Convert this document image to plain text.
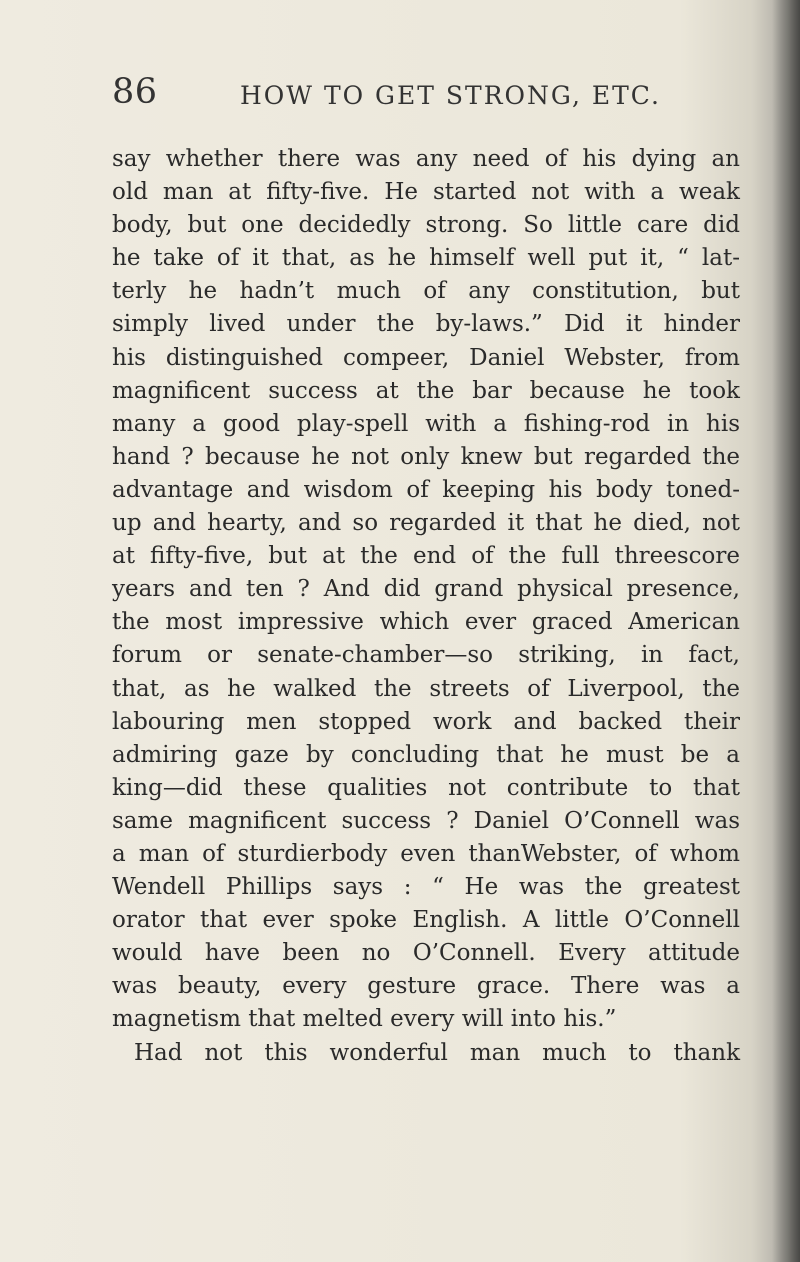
86	HOW TO GET STRONG, ETC.
say whether there was any need of his dying an
old man at fifty-five. He started not with a weak
body, but one decidedly strong. So little care did
he take of it that, as he himself well put it, “ lat-
terly he hadn’t much of any constitution, but
simply lived under the by-laws.” Did it hinder
his distinguished compeer, Daniel Webster, from
magnificent success at the bar because he took
many a good play-spell with a fishing-rod in his
hand ? because he not only knew but regarded the
advantage and wisdom of keeping his body toned-
up and hearty, and so regarded it that he died, not
at fifty-five, but at the end of the full threescore
years and ten ? And did grand physical presence,
the most impressive which ever graced American
forum or senate-chamber—so striking, in fact,
that, as he walked the streets of Liverpool, the
labouring men stopped work and backed their
admiring gaze by concluding that he must be a
king—did these qualities not contribute to that
same magnificent success ? Daniel O’Connell was
a man of sturdierbody even thanWebster, of whom
Wendell Phillips says : “ He was the greatest
orator that ever spoke English. A little O’Connell
would have been no O’Connell. Every attitude
was beauty, every gesture grace. There was a
magnetism that melted every will into his.”
Had not this wonderful man much to thank
